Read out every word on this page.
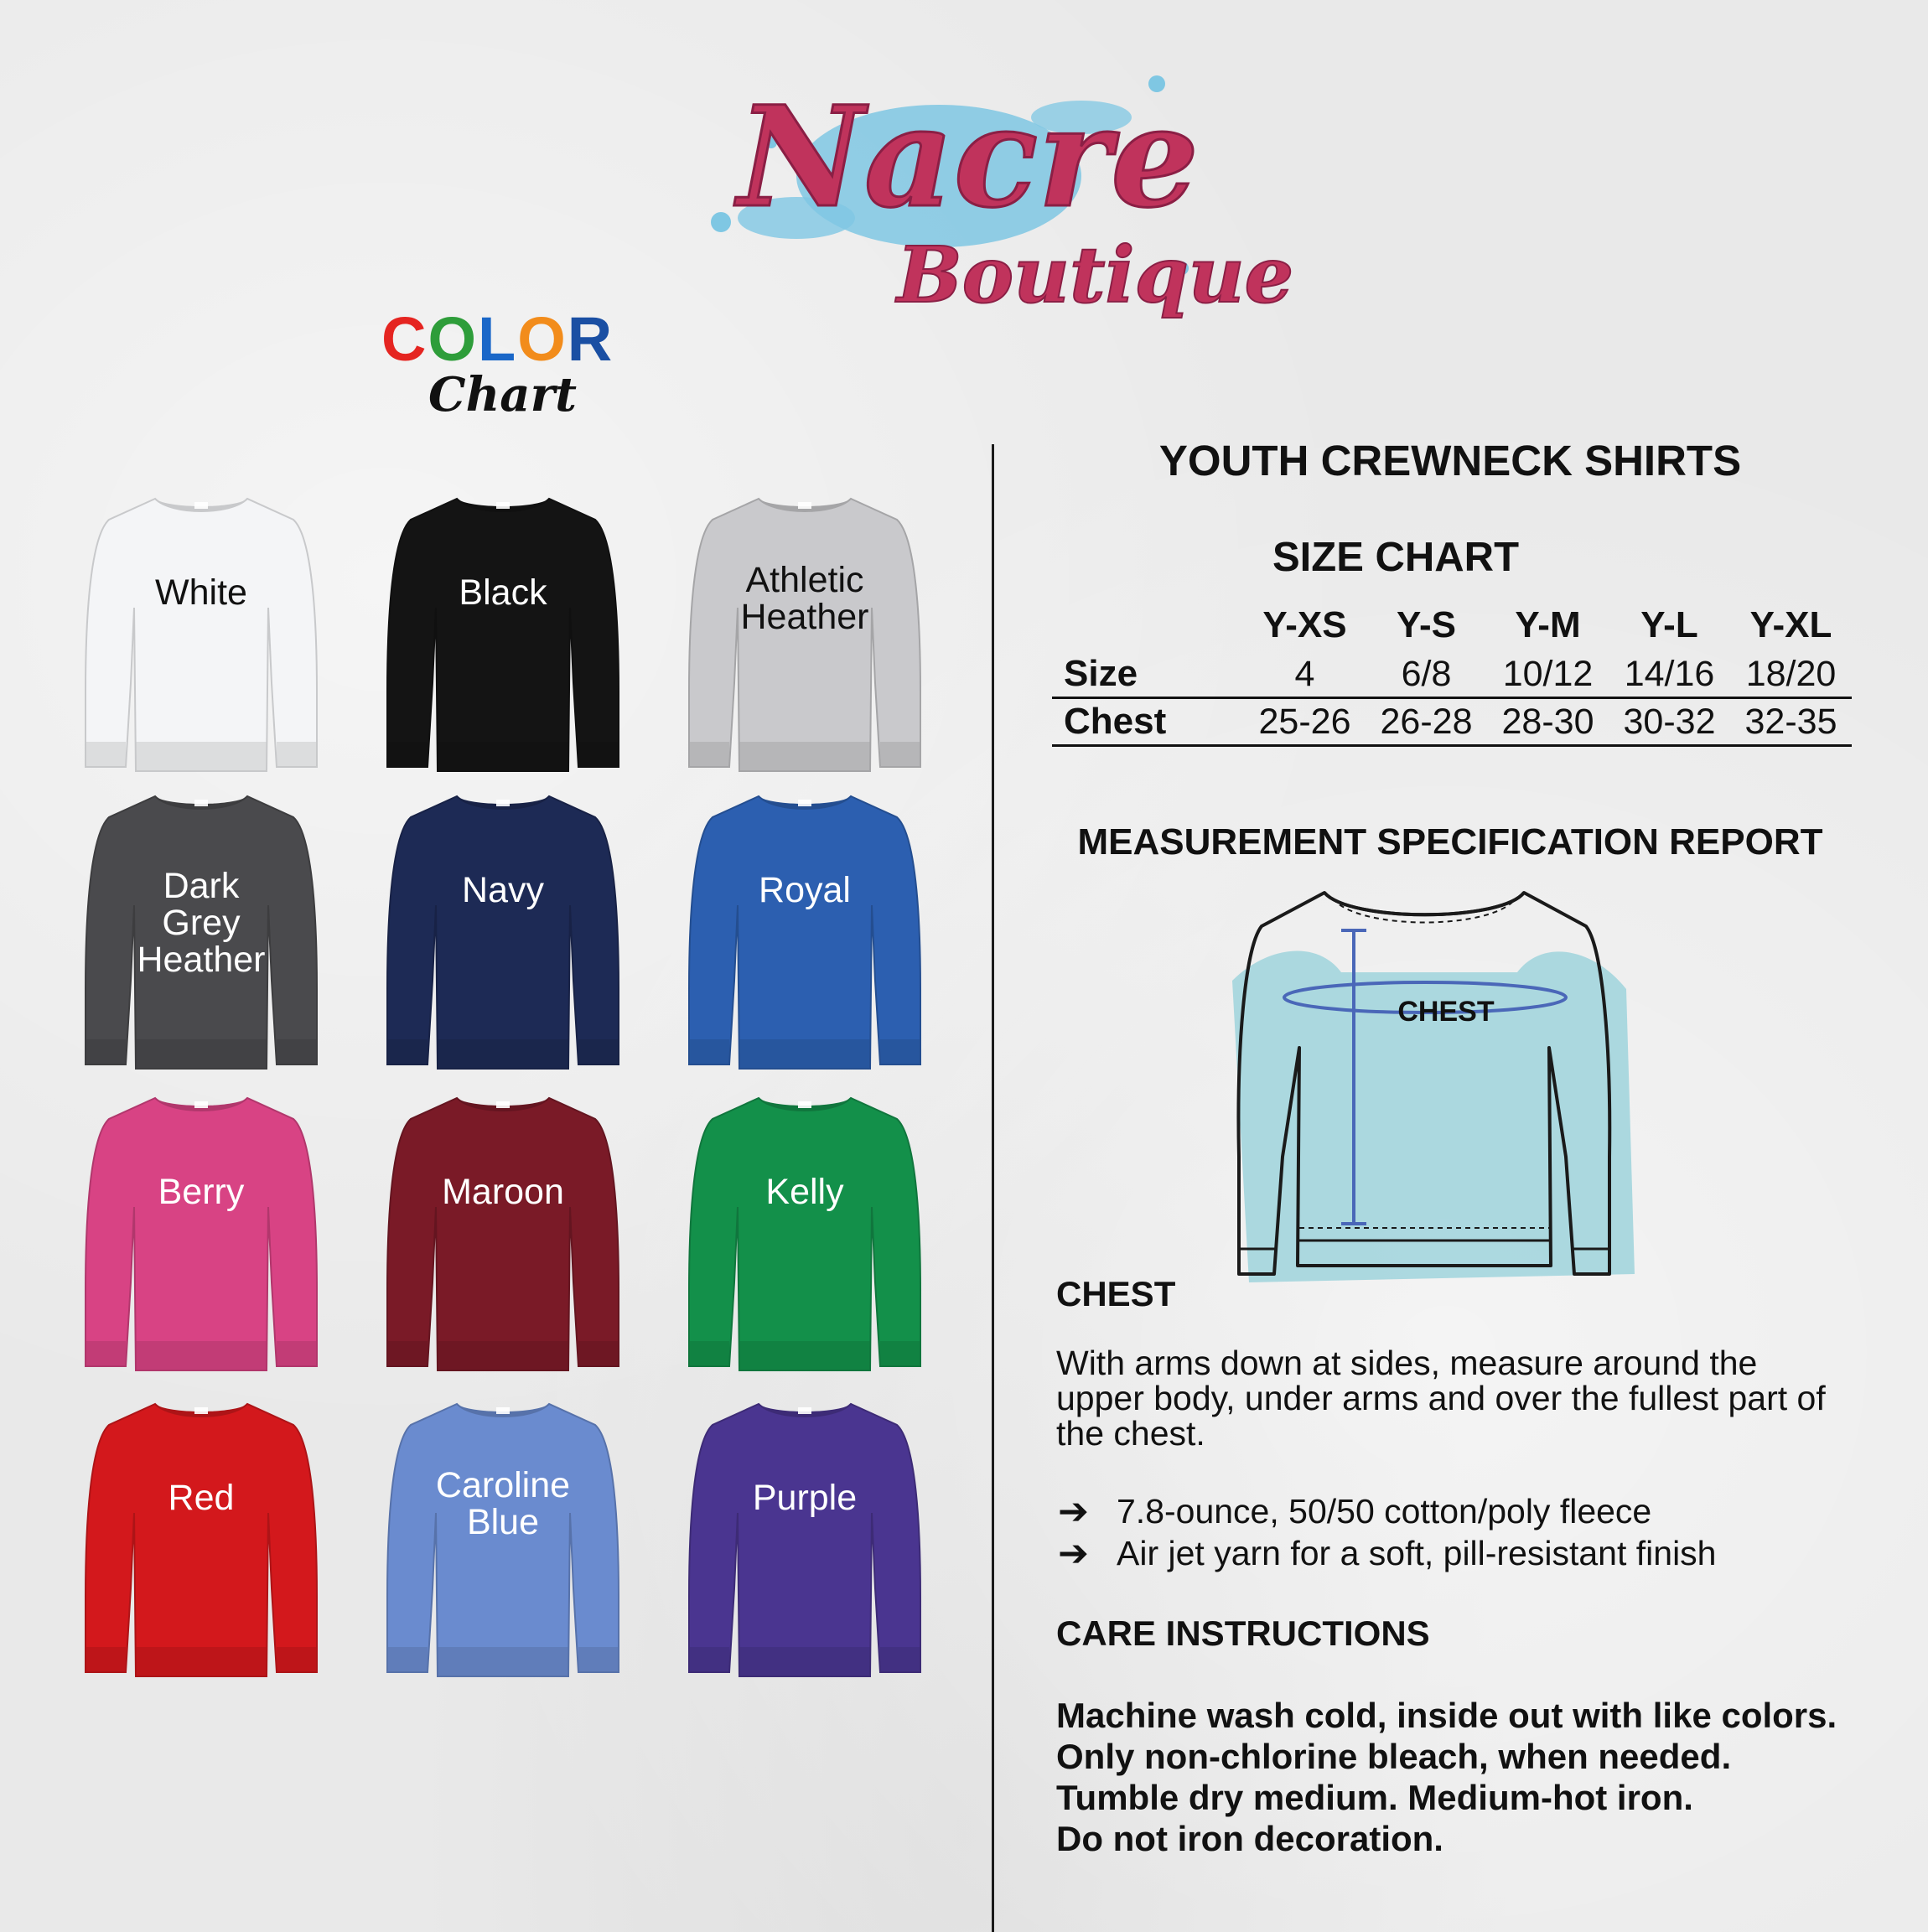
Nacre
Boutique
COLOR
Chart
White	Black	Athletic
Heather
Dark
Grey
Heather
Navy	Royal
Berry	Maroon	Kelly
Red	Caroline
Blue
Purple
YOUTH CREWNECK SHIRTS
SIZE CHART
	Y-XS	Y-S	Y-M	Y-L	Y-XL
Size	4	6/8	10/12	14/16	18/20
Chest	25-26	26-28	28-30	30-32	32-35
MEASUREMENT SPECIFICATION REPORT
CHEST
CHEST
With arms down at sides, measure around the upper body, under arms and over the fullest part of the chest.
➔ 7.8-ounce, 50/50 cotton/poly fleece
➔ Air jet yarn for a soft, pill-resistant finish
CARE INSTRUCTIONS
Machine wash cold, inside out with like colors.
Only non-chlorine bleach, when needed.
Tumble dry medium. Medium-hot iron.
Do not iron decoration.
